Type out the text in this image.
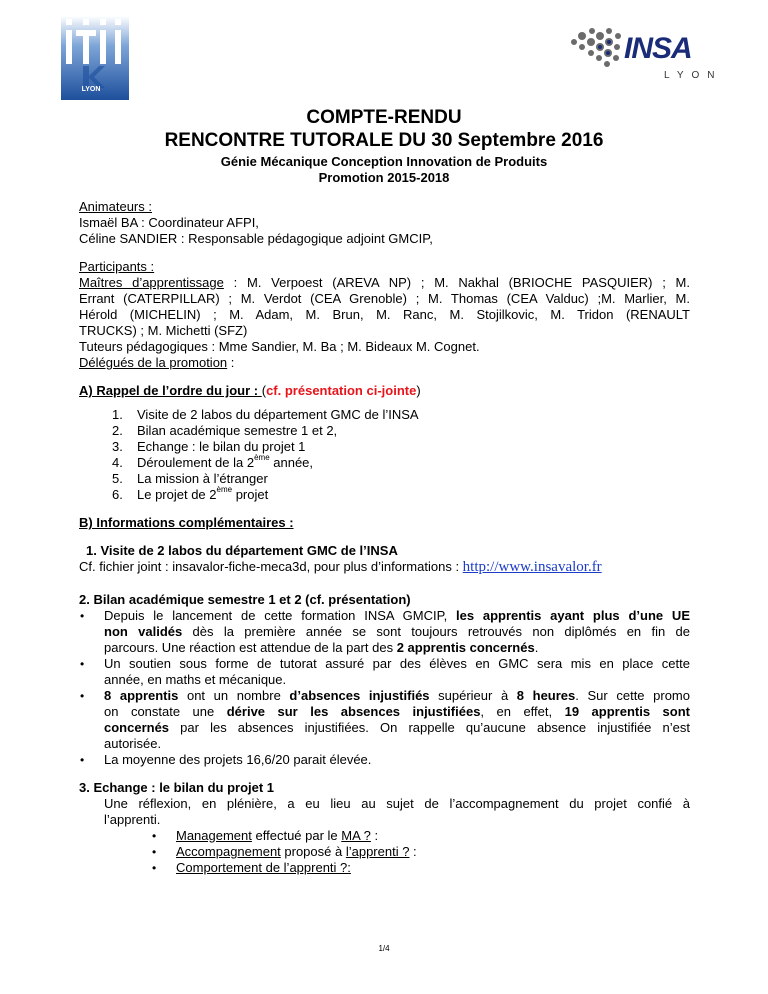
LYON
INSA
LYON
COMPTE-RENDU
RENCONTRE TUTORALE DU 30 Septembre 2016
Génie Mécanique Conception Innovation de Produits
Promotion 2015-2018
Animateurs :
Ismaël BA : Coordinateur AFPI,
Céline SANDIER : Responsable pédagogique adjoint GMCIP,
Participants :
Maîtres d’apprentissage : M. Verpoest (AREVA NP) ; M. Nakhal (BRIOCHE PASQUIER) ; M.
Errant (CATERPILLAR) ; M. Verdot (CEA Grenoble) ; M. Thomas (CEA Valduc) ;M. Marlier, M.
Hérold (MICHELIN) ; M. Adam, M. Brun, M. Ranc, M. Stojilkovic, M. Tridon (RENAULT
TRUCKS) ; M. Michetti (SFZ)
Tuteurs pédagogiques : Mme Sandier, M. Ba ; M. Bideaux M. Cognet.
Délégués de la promotion :
A) Rappel de l’ordre du jour : (cf. présentation ci-jointe)
1. Visite de 2 labos du département GMC de l’INSA
2. Bilan académique semestre 1 et 2,
3. Echange : le bilan du projet 1
4. Déroulement de la 2ème année,
5. La mission à l’étranger
6. Le projet de 2ème projet
B) Informations complémentaires :
1. Visite de 2 labos du département GMC de l’INSA
Cf. fichier joint : insavalor-fiche-meca3d, pour plus d’informations : http://www.insavalor.fr
2. Bilan académique semestre 1 et 2 (cf. présentation)
• Depuis le lancement de cette formation INSA GMCIP, les apprentis ayant plus d’une UE
non validés dès la première année se sont toujours retrouvés non diplômés en fin de
parcours. Une réaction est attendue de la part des 2 apprentis concernés.
• Un soutien sous forme de tutorat assuré par des élèves en GMC sera mis en place cette
année, en maths et mécanique.
• 8 apprentis ont un nombre d’absences injustifiés supérieur à 8 heures. Sur cette promo
on constate une dérive sur les absences injustifiées, en effet, 19 apprentis sont
concernés par les absences injustifiées. On rappelle qu’aucune absence injustifiée n’est
autorisée.
• La moyenne des projets 16,6/20 parait élevée.
3. Echange : le bilan du projet 1
Une réflexion, en plénière, a eu lieu au sujet de l’accompagnement du projet confié à
l’apprenti.
• Management effectué par le MA ? :
• Accompagnement proposé à l’apprenti ? :
• Comportement de l’apprenti ?:
1/4
